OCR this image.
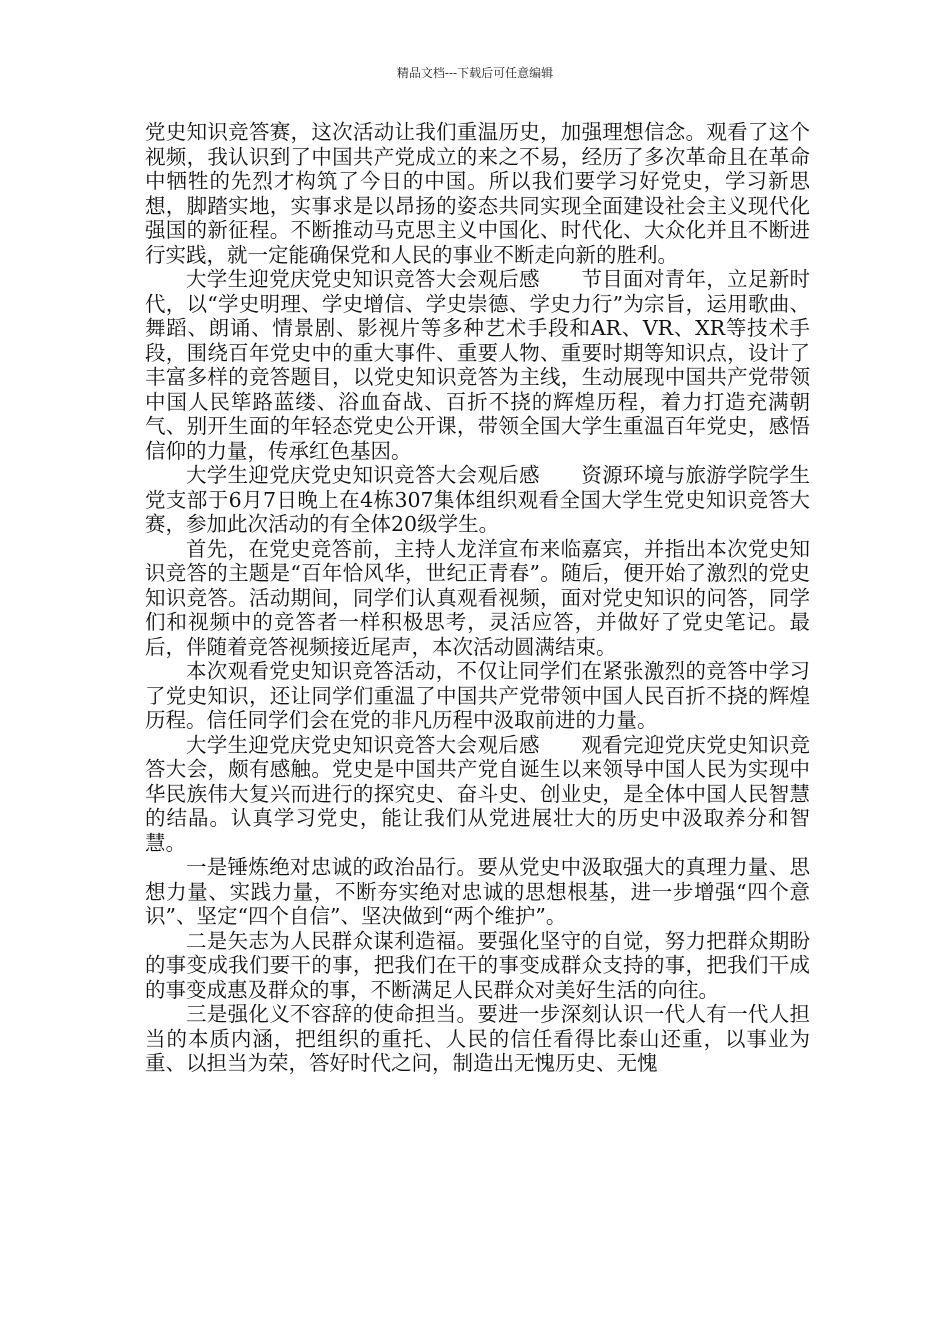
精品文档---下载后可任意编辑

党史知识竞答赛，这次活动让我们重温历史，加强理想信念。观看了这个视频，我认识到了中国共产党成立的来之不易，经历了多次革命且在革命中牺牲的先烈才构筑了今日的中国。所以我们要学习好党史，学习新思想，脚踏实地，实事求是以昂扬的姿态共同实现全面建设社会主义现代化强国的新征程。不断推动马克思主义中国化、时代化、大众化并且不断进行实践，就一定能确保党和人民的事业不断走向新的胜利。

大学生迎党庆党史知识竞答大会观后感　　节目面对青年，立足新时代，以“学史明理、学史增信、学史崇德、学史力行”为宗旨，运用歌曲、舞蹈、朗诵、情景剧、影视片等多种艺术手段和AR、VR、XR等技术手段，围绕百年党史中的重大事件、重要人物、重要时期等知识点，设计了丰富多样的竞答题目，以党史知识竞答为主线，生动展现中国共产党带领中国人民筚路蓝缕、浴血奋战、百折不挠的辉煌历程，着力打造充满朝气、别开生面的年轻态党史公开课，带领全国大学生重温百年党史，感悟信仰的力量，传承红色基因。

大学生迎党庆党史知识竞答大会观后感　　资源环境与旅游学院学生党支部于6月7日晚上在4栋307集体组织观看全国大学生党史知识竞答大赛，参加此次活动的有全体20级学生。

首先，在党史竞答前，主持人龙洋宣布来临嘉宾，并指出本次党史知识竞答的主题是“百年恰风华，世纪正青春”。随后，便开始了激烈的党史知识竞答。活动期间，同学们认真观看视频，面对党史知识的问答，同学们和视频中的竞答者一样积极思考，灵活应答，并做好了党史笔记。最后，伴随着竞答视频接近尾声，本次活动圆满结束。

本次观看党史知识竞答活动，不仅让同学们在紧张激烈的竞答中学习了党史知识，还让同学们重温了中国共产党带领中国人民百折不挠的辉煌历程。信任同学们会在党的非凡历程中汲取前进的力量。

大学生迎党庆党史知识竞答大会观后感　　观看完迎党庆党史知识竞答大会，颇有感触。党史是中国共产党自诞生以来领导中国人民为实现中华民族伟大复兴而进行的探究史、奋斗史、创业史，是全体中国人民智慧的结晶。认真学习党史，能让我们从党进展壮大的历史中汲取养分和智慧。

一是锤炼绝对忠诚的政治品行。要从党史中汲取强大的真理力量、思想力量、实践力量，不断夯实绝对忠诚的思想根基，进一步增强“四个意识”、坚定“四个自信”、坚决做到“两个维护”。

二是矢志为人民群众谋利造福。要强化坚守的自觉，努力把群众期盼的事变成我们要干的事，把我们在干的事变成群众支持的事，把我们干成的事变成惠及群众的事，不断满足人民群众对美好生活的向往。

三是强化义不容辞的使命担当。要进一步深刻认识一代人有一代人担当的本质内涵，把组织的重托、人民的信任看得比泰山还重，以事业为重、以担当为荣，答好时代之问，制造出无愧历史、无愧
